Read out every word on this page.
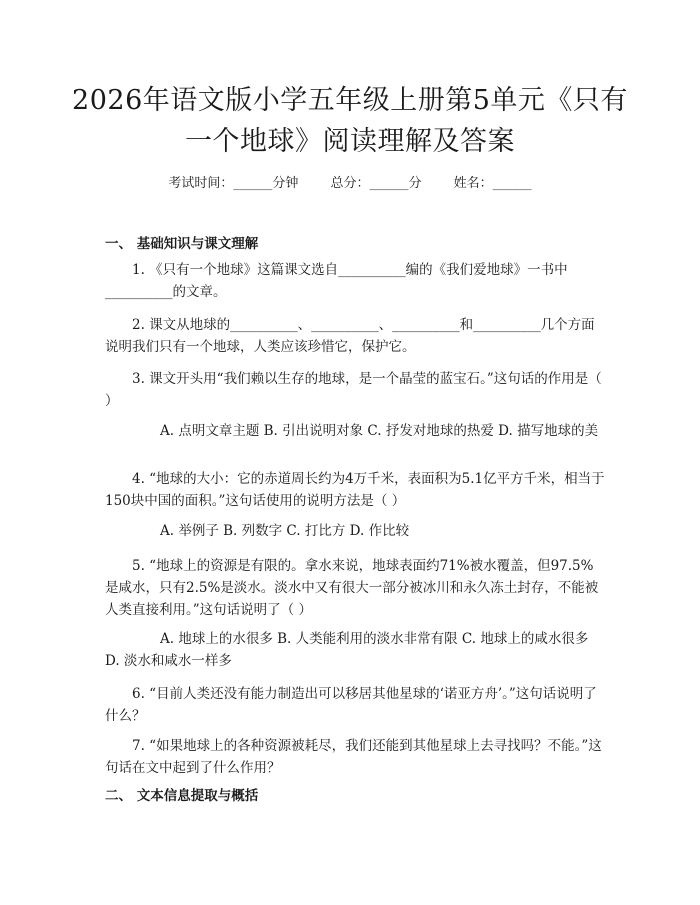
2026年语文版小学五年级上册第5单元《只有一个地球》阅读理解及答案
考试时间：______分钟 总分：______分 姓名：______
一、 基础知识与课文理解
1. 《只有一个地球》这篇课文选自__________编的《我们爱地球》一书中__________的文章。
2. 课文从地球的__________、__________、__________和__________几个方面说明我们只有一个地球，人类应该珍惜它，保护它。
3. 课文开头用“我们赖以生存的地球，是一个晶莹的蓝宝石。”这句话的作用是（ ）
A. 点明文章主题 B. 引出说明对象 C. 抒发对地球的热爱 D. 描写地球的美
4. “地球的大小：它的赤道周长约为4万千米，表面积为5.1亿平方千米，相当于150块中国的面积。”这句话使用的说明方法是（ ）
A. 举例子 B. 列数字 C. 打比方 D. 作比较
5. “地球上的资源是有限的。拿水来说，地球表面约71%被水覆盖，但97.5%是咸水，只有2.5%是淡水。淡水中又有很大一部分被冰川和永久冻土封存，不能被人类直接利用。”这句话说明了（ ）
A. 地球上的水很多 B. 人类能利用的淡水非常有限 C. 地球上的咸水很多 D. 淡水和咸水一样多
6. “目前人类还没有能力制造出可以移居其他星球的‘诺亚方舟’。”这句话说明了什么？
7. “如果地球上的各种资源被耗尽，我们还能到其他星球上去寻找吗？不能。”这句话在文中起到了什么作用？
二、 文本信息提取与概括
